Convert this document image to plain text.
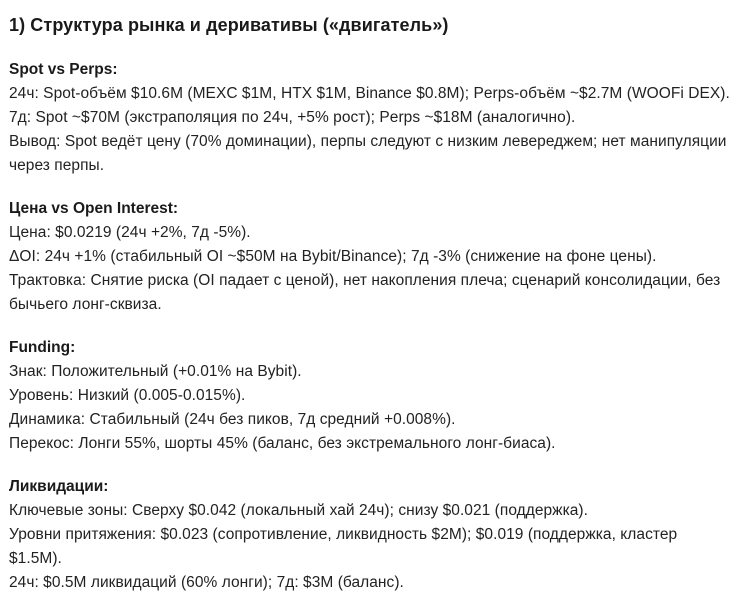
1) Структура рынка и деривативы («двигатель»)
Spot vs Perps:
24ч: Spot-объём $10.6M (MEXC $1M, HTX $1M, Binance $0.8M); Perps-объём ~$2.7M (WOOFi DEX).
7д: Spot ~$70M (экстраполяция по 24ч, +5% рост); Perps ~$18M (аналогично).
Вывод: Spot ведёт цену (70% доминации), перпы следуют с низким левереджем; нет манипуляции через перпы.
Цена vs Open Interest:
Цена: $0.0219 (24ч +2%, 7д -5%).
ΔOI: 24ч +1% (стабильный OI ~$50M на Bybit/Binance); 7д -3% (снижение на фоне цены).
Трактовка: Снятие риска (OI падает с ценой), нет накопления плеча; сценарий консолидации, без бычьего лонг-сквиза.
Funding:
Знак: Положительный (+0.01% на Bybit).
Уровень: Низкий (0.005-0.015%).
Динамика: Стабильный (24ч без пиков, 7д средний +0.008%).
Перекос: Лонги 55%, шорты 45% (баланс, без экстремального лонг-биаса).
Ликвидации:
Ключевые зоны: Сверху $0.042 (локальный хай 24ч); снизу $0.021 (поддержка).
Уровни притяжения: $0.023 (сопротивление, ликвидность $2M); $0.019 (поддержка, кластер $1.5M).
24ч: $0.5M ликвидаций (60% лонги); 7д: $3M (баланс).
